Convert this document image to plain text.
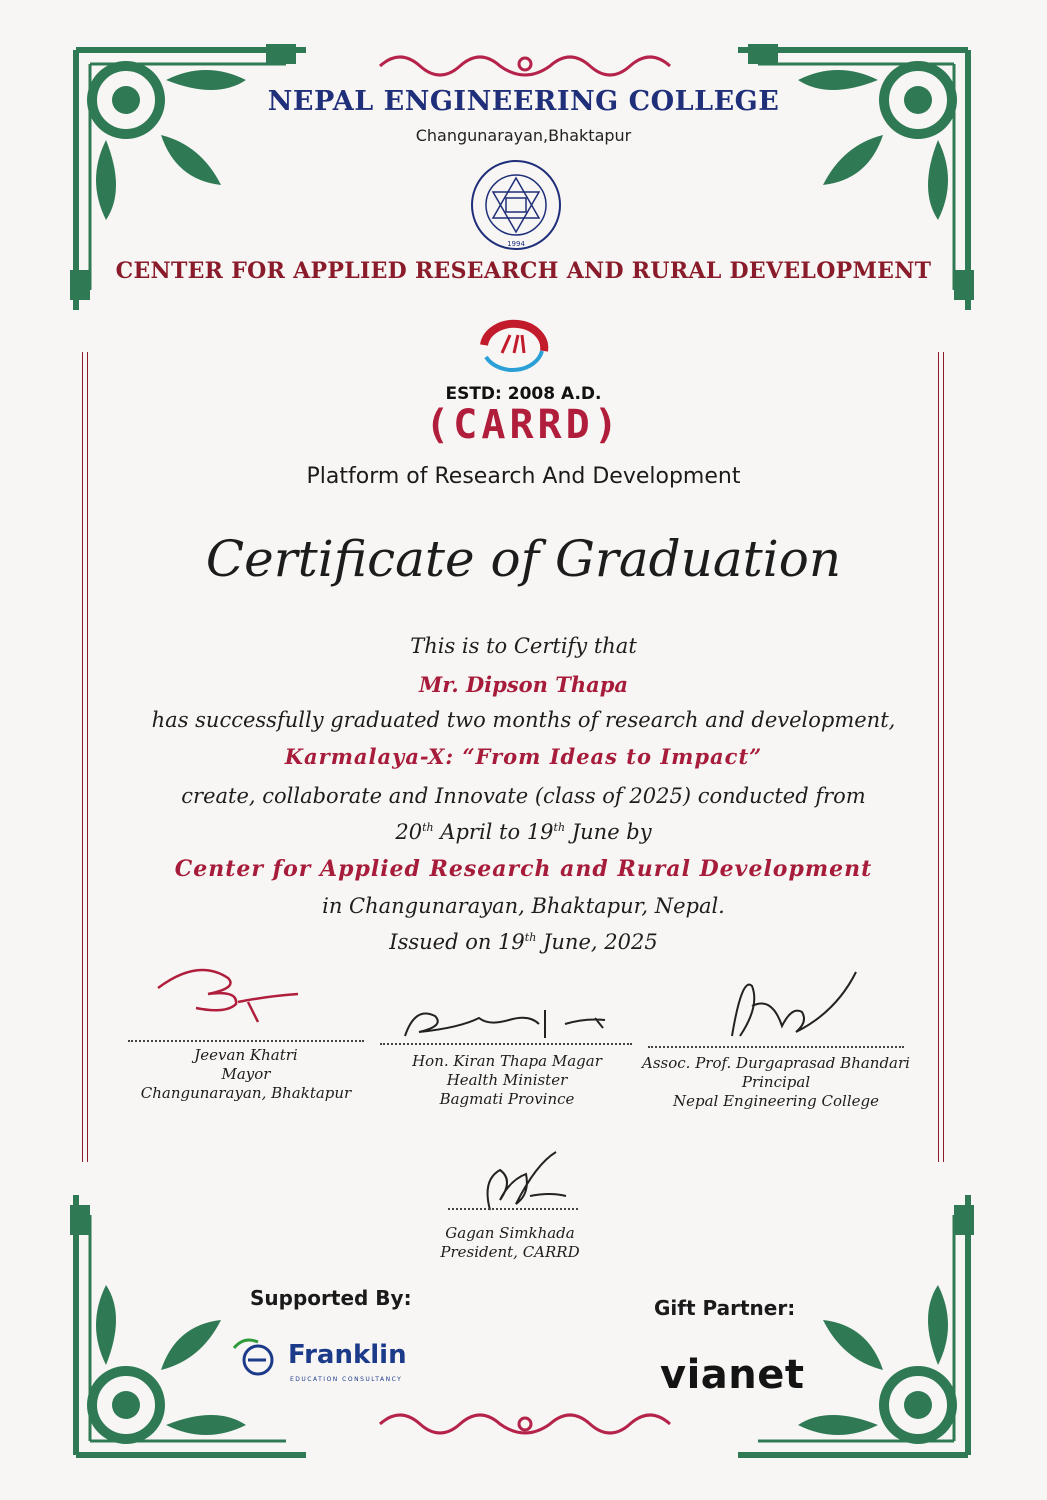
NEPAL ENGINEERING COLLEGE
Changunarayan,Bhaktapur
1994
CENTER FOR APPLIED RESEARCH AND RURAL DEVELOPMENT
ESTD: 2008 A.D.
(CARRD)
Platform of Research And Development
Certificate of Graduation
This is to Certify that
Mr. Dipson Thapa
has successfully graduated two months of research and development,
Karmalaya-X: “From Ideas to Impact”
create, collaborate and Innovate (class of 2025) conducted from
20th April to 19th June by
Center for Applied Research and Rural Development
in Changunarayan, Bhaktapur, Nepal.
Issued on 19th June, 2025
Jeevan Khatri
Mayor
Changunarayan, Bhaktapur
Hon. Kiran Thapa Magar
Health Minister
Bagmati Province
Assoc. Prof. Durgaprasad Bhandari
Principal
Nepal Engineering College
Gagan Simkhada
President, CARRD
Supported By:
Franklin
EDUCATION CONSULTANCY
Gift Partner:
vianet
